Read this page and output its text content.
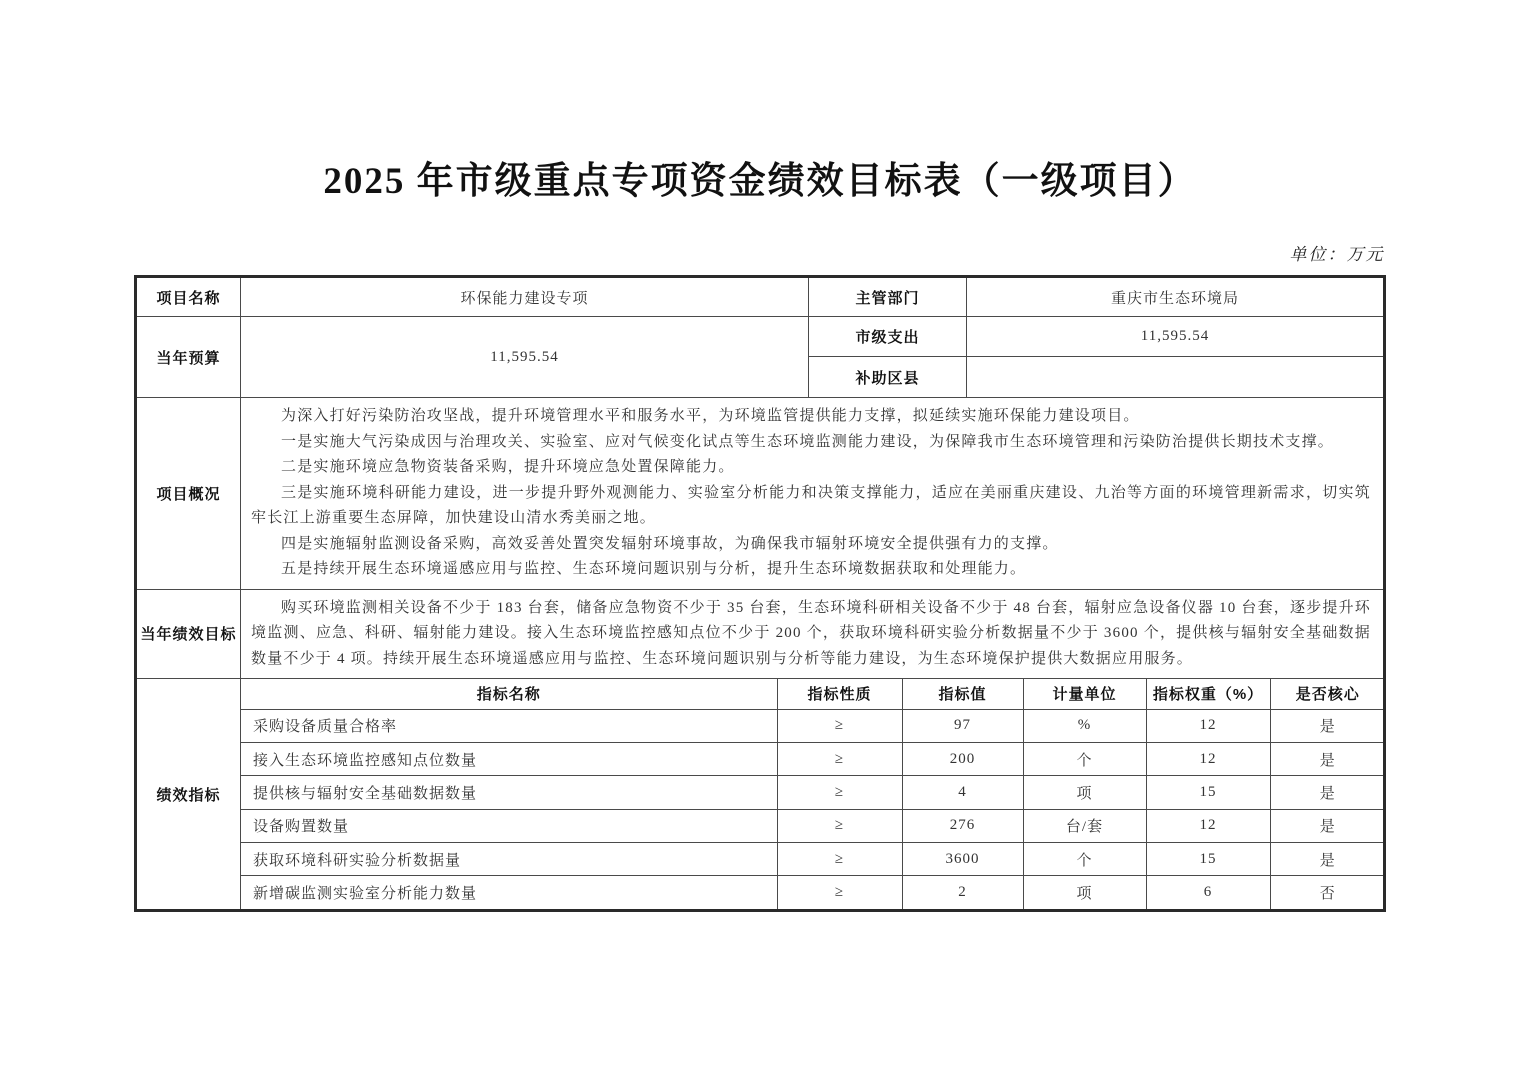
2025 年市级重点专项资金绩效目标表（一级项目）
单位：万元
项目名称	环保能力建设专项	主管部门	重庆市生态环境局
当年预算	11,595.54	市级支出	11,595.54
补助区县	
项目概况	

为深入打好污染防治攻坚战，提升环境管理水平和服务水平，为环境监管提供能力支撑，拟延续实施环保能力建设项目。

一是实施大气污染成因与治理攻关、实验室、应对气候变化试点等生态环境监测能力建设，为保障我市生态环境管理和污染防治提供长期技术支撑。

二是实施环境应急物资装备采购，提升环境应急处置保障能力。

三是实施环境科研能力建设，进一步提升野外观测能力、实验室分析能力和决策支撑能力，适应在美丽重庆建设、九治等方面的环境管理新需求，切实筑牢长江上游重要生态屏障，加快建设山清水秀美丽之地。

四是实施辐射监测设备采购，高效妥善处置突发辐射环境事故，为确保我市辐射环境安全提供强有力的支撑。

五是持续开展生态环境遥感应用与监控、生态环境问题识别与分析，提升生态环境数据获取和处理能力。

当年绩效目标	

购买环境监测相关设备不少于 183 台套，储备应急物资不少于 35 台套，生态环境科研相关设备不少于 48 台套，辐射应急设备仪器 10 台套，逐步提升环境监测、应急、科研、辐射能力建设。接入生态环境监控感知点位不少于 200 个，获取环境科研实验分析数据量不少于 3600 个，提供核与辐射安全基础数据数量不少于 4 项。持续开展生态环境遥感应用与监控、生态环境问题识别与分析等能力建设，为生态环境保护提供大数据应用服务。

绩效指标	
指标名称	指标性质	指标值	计量单位	指标权重（%）	是否核心
采购设备质量合格率	≥	97	%	12	是
接入生态环境监控感知点位数量	≥	200	个	12	是
提供核与辐射安全基础数据数量	≥	4	项	15	是
设备购置数量	≥	276	台/套	12	是
获取环境科研实验分析数据量	≥	3600	个	15	是
新增碳监测实验室分析能力数量	≥	2	项	6	否
